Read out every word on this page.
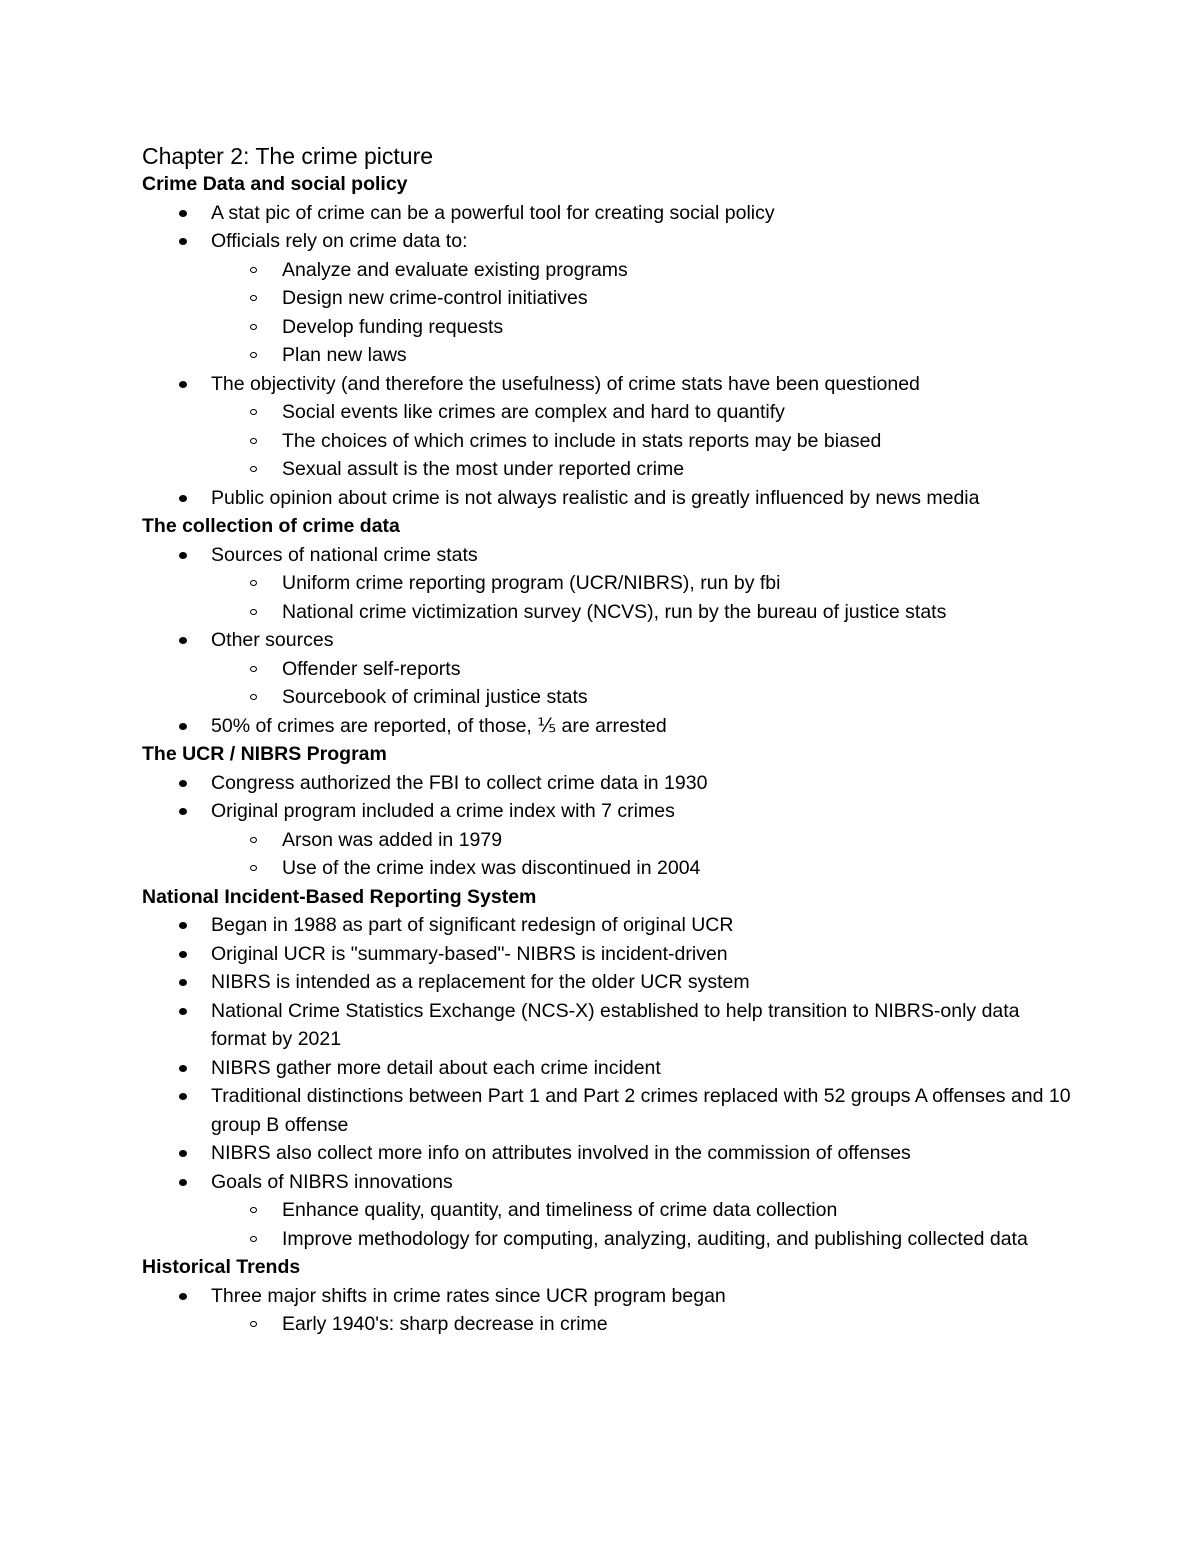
Chapter 2: The crime picture
Crime Data and social policy
A stat pic of crime can be a powerful tool for creating social policy
Officials rely on crime data to:
Analyze and evaluate existing programs
Design new crime-control initiatives
Develop funding requests
Plan new laws
The objectivity (and therefore the usefulness) of crime stats have been questioned
Social events like crimes are complex and hard to quantify
The choices of which crimes to include in stats reports may be biased
Sexual assult is the most under reported crime
Public opinion about crime is not always realistic and is greatly influenced by news media
The collection of crime data
Sources of national crime stats
Uniform crime reporting program (UCR/NIBRS), run by fbi
National crime victimization survey (NCVS), run by the bureau of justice stats
Other sources
Offender self-reports
Sourcebook of criminal justice stats
50% of crimes are reported, of those, ⅕ are arrested
The UCR / NIBRS Program
Congress authorized the FBI to collect crime data in 1930
Original program included a crime index with 7 crimes
Arson was added in 1979
Use of the crime index was discontinued in 2004
National Incident-Based Reporting System
Began in 1988 as part of significant redesign of original UCR
Original UCR is "summary-based"- NIBRS is incident-driven
NIBRS is intended as a replacement for the older UCR system
National Crime Statistics Exchange (NCS-X) established to help transition to NIBRS-only data format by 2021
NIBRS gather more detail about each crime incident
Traditional distinctions between Part 1 and Part 2 crimes replaced with 52 groups A offenses and 10 group B offense
NIBRS also collect more info on attributes involved in the commission of offenses
Goals of NIBRS innovations
Enhance quality, quantity, and timeliness of crime data collection
Improve methodology for computing, analyzing, auditing, and publishing collected data
Historical Trends
Three major shifts in crime rates since UCR program began
Early 1940's: sharp decrease in crime
